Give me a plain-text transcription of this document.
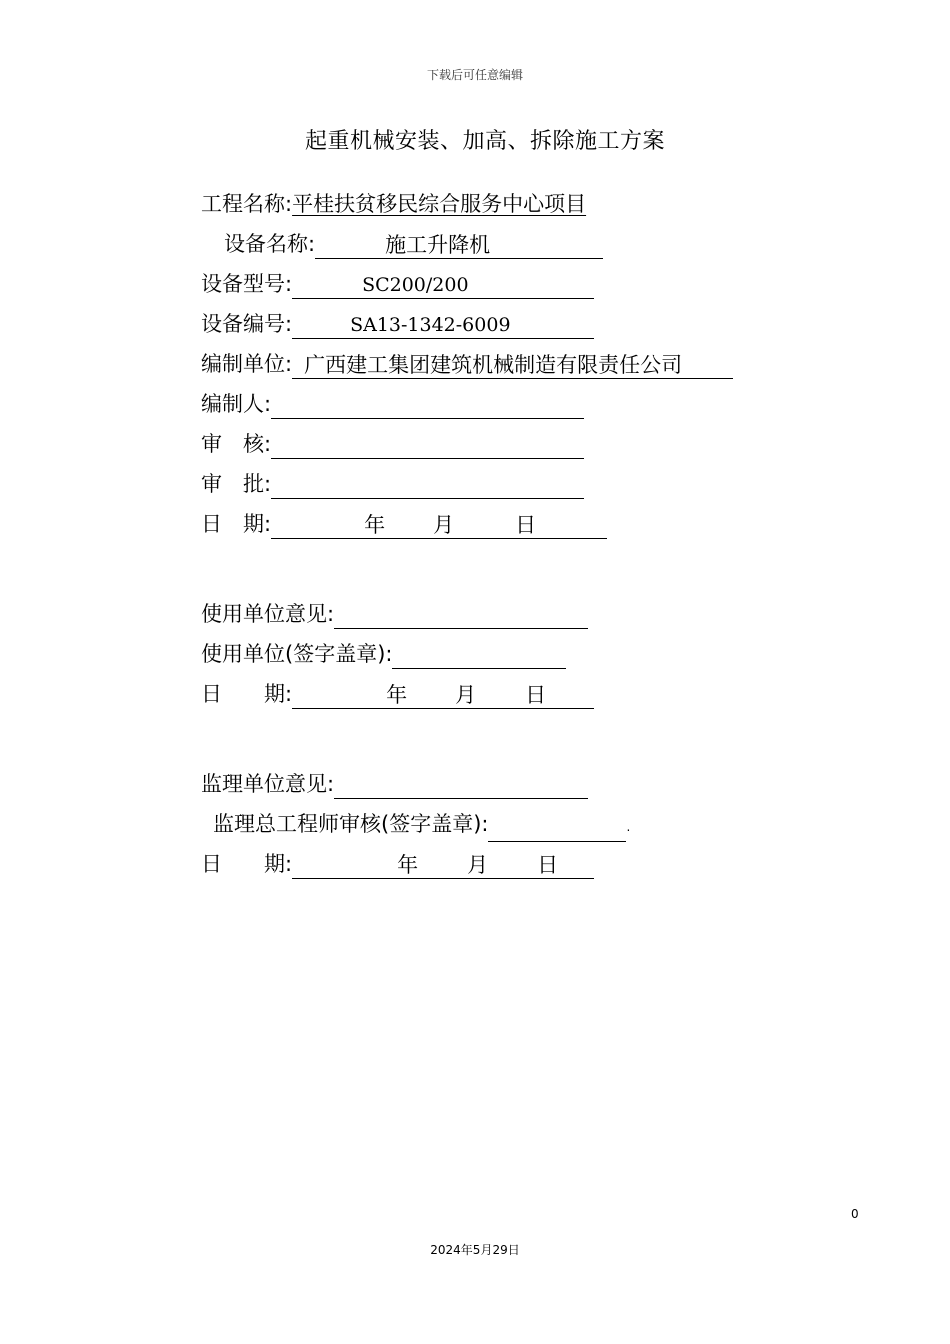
下载后可任意编辑
起重机械安装、加高、拆除施工方案
工程名称:平桂扶贫移民综合服务中心项目
设备名称:	施工升降机
设备型号:	SC200/200
设备编号:	SA13-1342-6009
编制单位: 广西建工集团建筑机械制造有限责任公司
编制人:
审　核:
审　批:
日　期:	年 月	日
使用单位意见:
使用单位(签字盖章):
日　　期:	年 月 日
监理单位意见:
监理总工程师审核(签字盖章):	.
日　　期:	年 月 日
0
2024年5月29日
